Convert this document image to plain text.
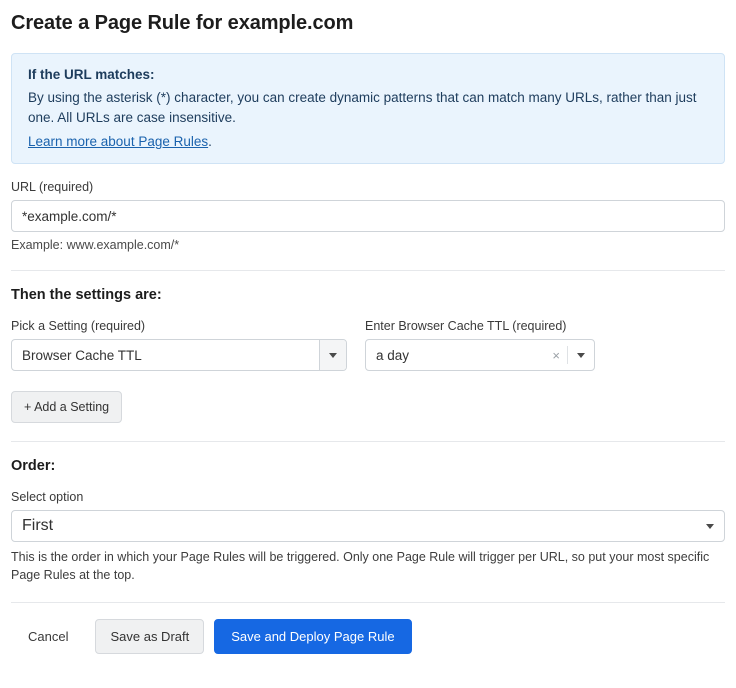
Create a Page Rule for example.com
If the URL matches:
By using the asterisk (*) character, you can create dynamic patterns that can match many URLs, rather than just one. All URLs are case insensitive.
Learn more about Page Rules.
URL (required)
*example.com/*
Example: www.example.com/*
Then the settings are:
Pick a Setting (required)
Browser Cache TTL
Enter Browser Cache TTL (required)
a day	×
+ Add a Setting
Order:
Select option
First
This is the order in which your Page Rules will be triggered. Only one Page Rule will trigger per URL, so put your most specific Page Rules at the top.
Cancel	Save as Draft	Save and Deploy Page Rule
